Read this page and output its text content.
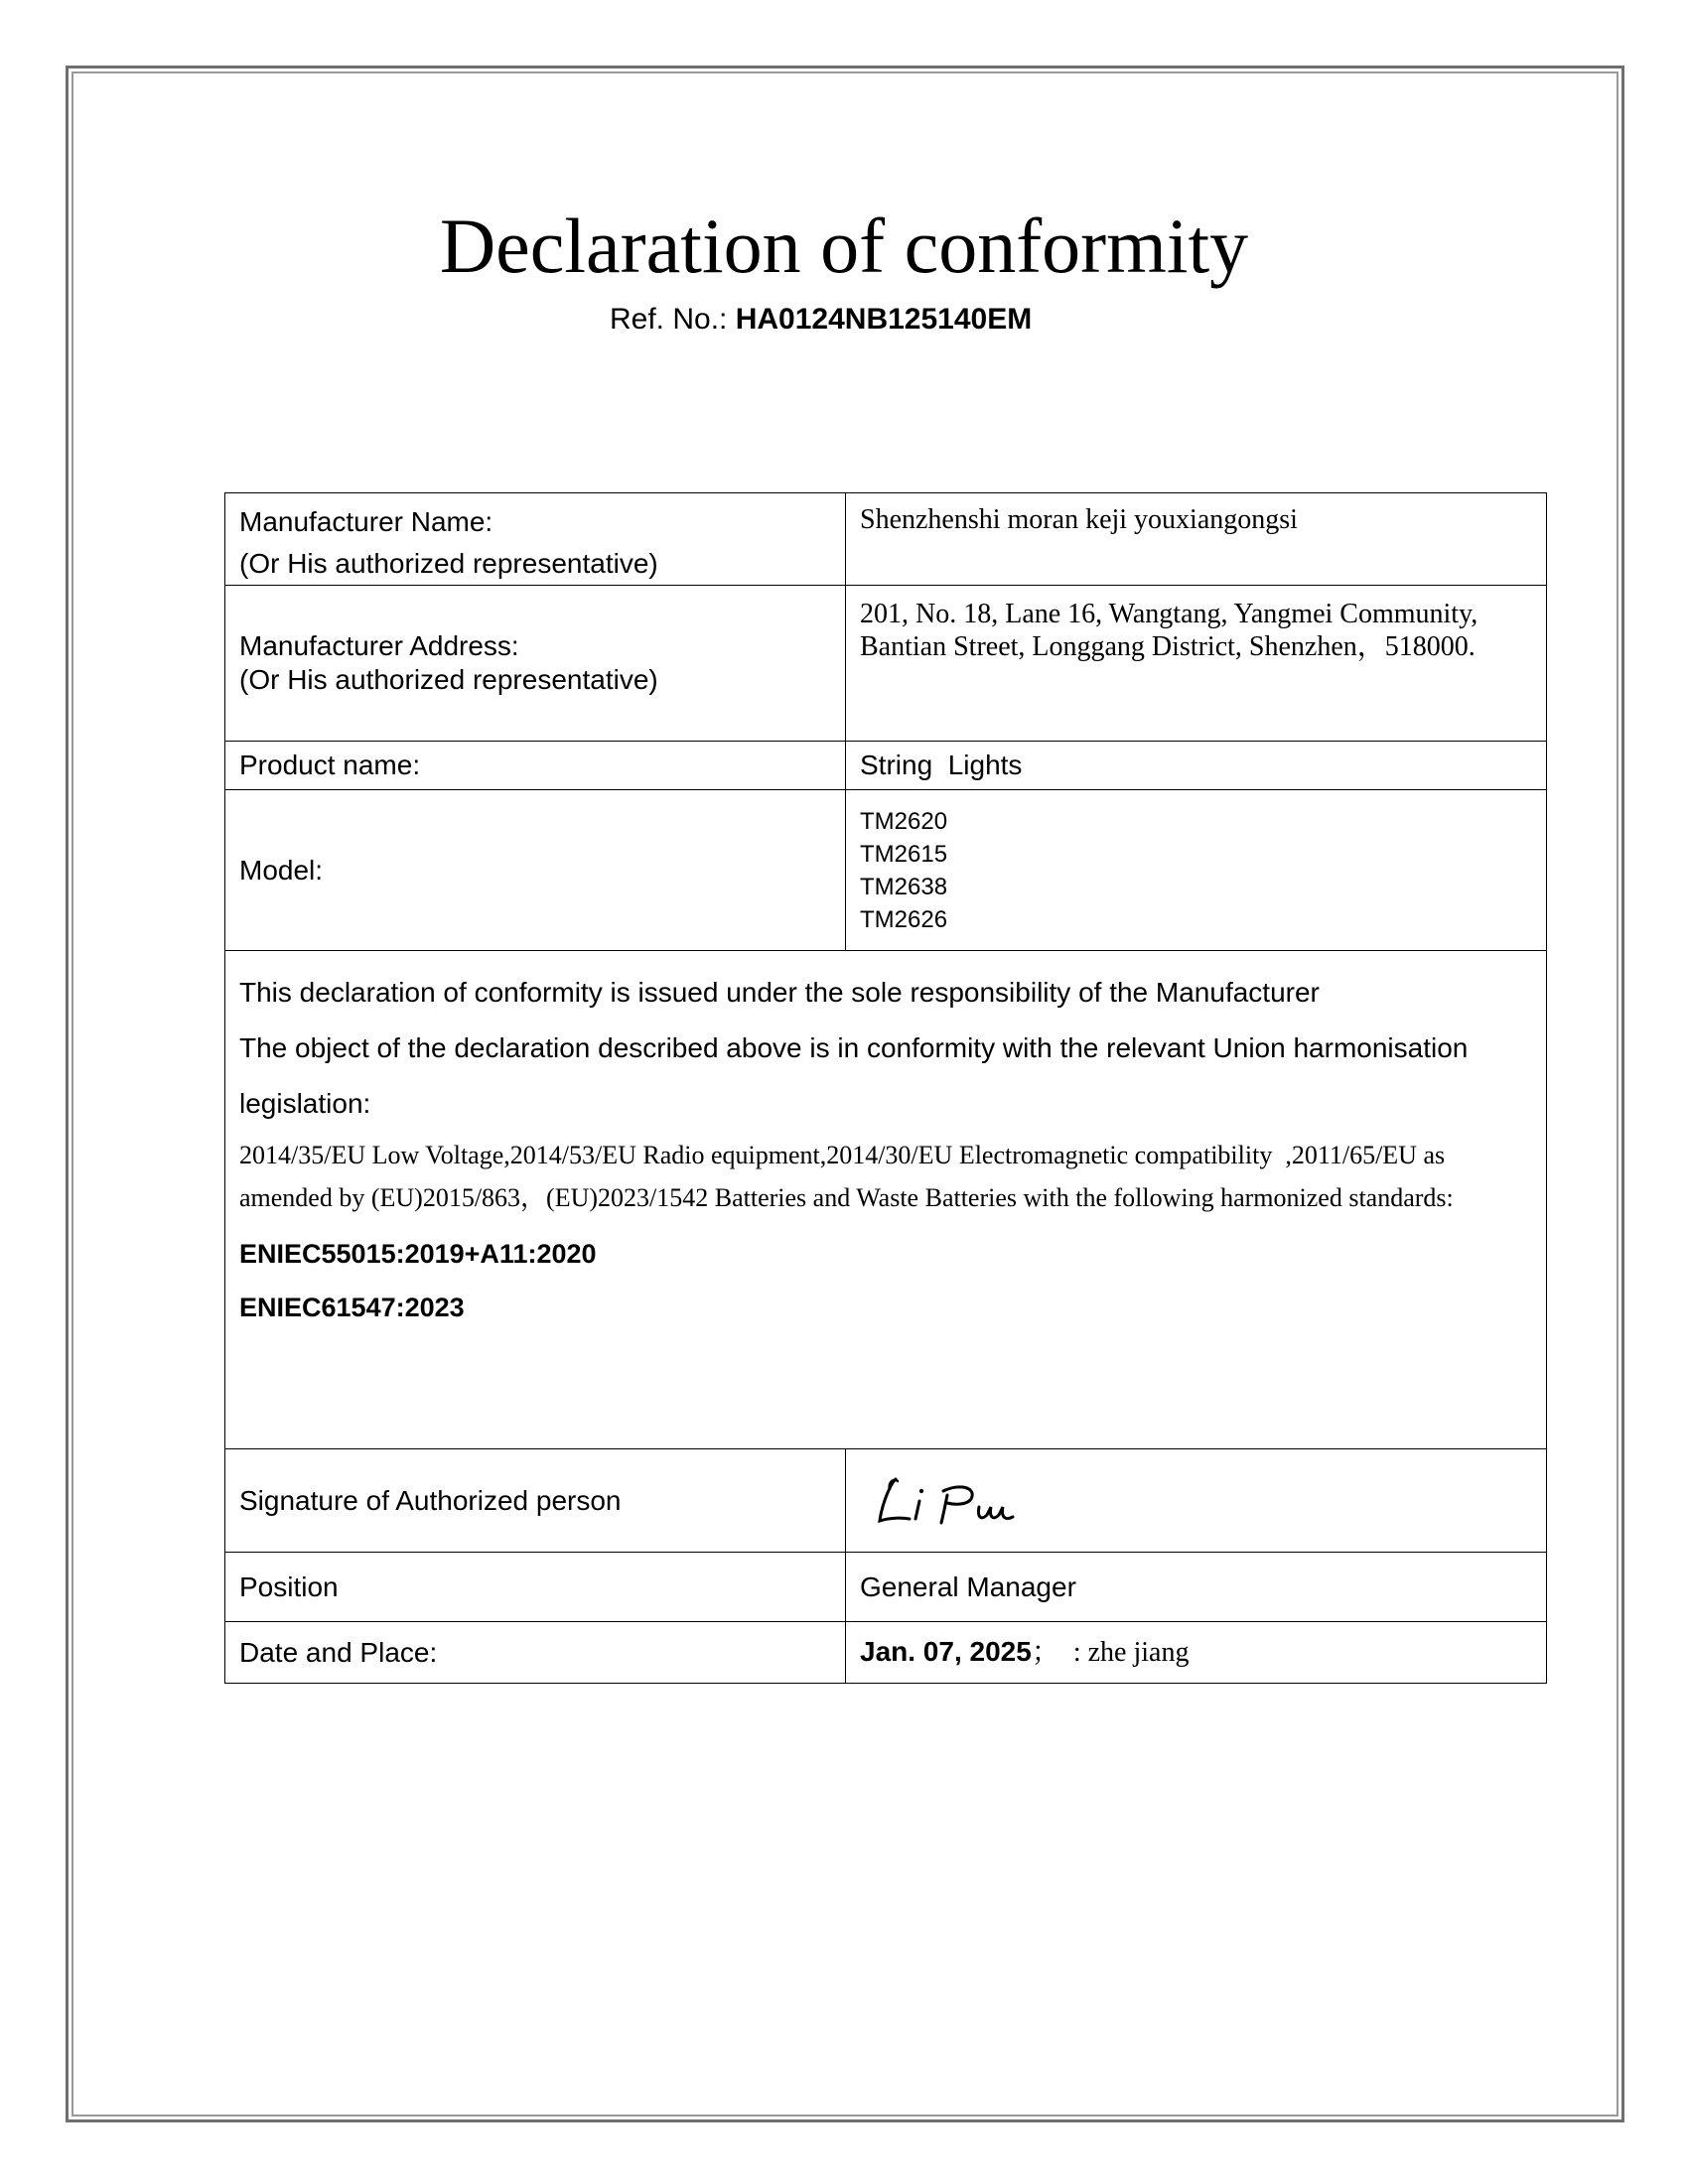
Declaration of conformity
Ref. No.: HA0124NB125140EM
Manufacturer Name:
(Or His authorized representative)	Shenzhenshi moran keji youxiangongsi

Manufacturer Address:
(Or His authorized representative)	201, No. 18, Lane 16, Wangtang, Yangmei Community,
Bantian Street, Longgang District, Shenzhen，518000.

Product name:	String  Lights
Model:	TM2620
TM2615
TM2638
TM2626

This declaration of conformity is issued under the sole responsibility of the Manufacturer
The object of the declaration described above is in conformity with the relevant Union harmonisation legislation:
2014/35/EU Low Voltage,2014/53/EU Radio equipment,2014/30/EU Electromagnetic compatibility  ,2011/65/EU as amended by (EU)2015/863，(EU)2023/1542 Batteries and Waste Batteries with the following harmonized standards:
ENIEC55015:2019+A11:2020
ENIEC61547:2023	

Signature of Authorized person	

Position	General Manager
Date and Place:	Jan. 07, 2025；  : zhe jiang
